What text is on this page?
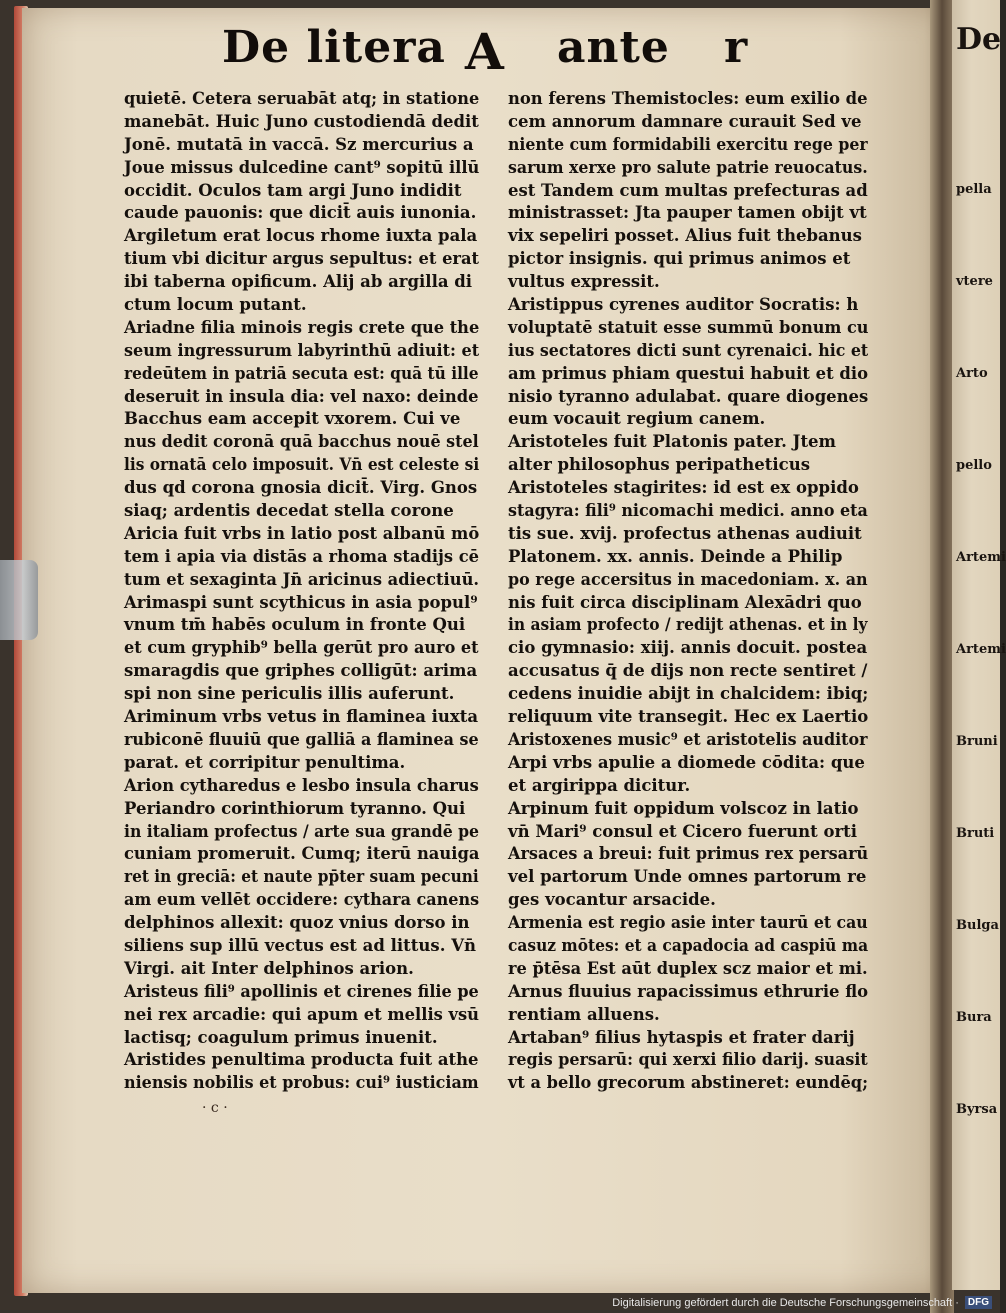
De litera A ante r
· c ·
De
pella
vtere
Arto
pello
Artemi
Artemi
Bruni
Bruti
Bulga
Bura
Byrsa
quietē. Cetera seruabāt atq; in statione
manebāt. Huic Juno custodiendā dedit
Jonē. mutatā in vaccā. Sz mercurius a
Joue missus dulcedine cant⁹ sopitū illū
occidit. Oculos tam argi Juno indidit
caude pauonis: que dicit̄ auis iunonia.
Argiletum erat locus rhome iuxta pala
tium vbi dicitur argus sepultus: et erat
ibi taberna opificum. Alij ab argilla di
ctum locum putant.
Ariadne filia minois regis crete que the
seum ingressurum labyrinthū adiuit: et
redeūtem in patriā secuta est: quā tū ille
deseruit in insula dia: vel naxo: deinde
Bacchus eam accepit vxorem. Cui ve
nus dedit coronā quā bacchus nouē stel
lis ornatā celo imposuit. Vn̄ est celeste si
dus qd corona gnosia dicit̄. Virg. Gnos
siaq; ardentis decedat stella corone
Aricia fuit vrbs in latio post albanū mō
tem i apia via distās a rhoma stadijs cē
tum et sexaginta Jn̄ aricinus adiectiuū.
Arimaspi sunt scythicus in asia popul⁹
vnum tm̄ habēs oculum in fronte Qui
et cum gryphib⁹ bella gerūt pro auro et
smaragdis que griphes colligūt: arima
spi non sine periculis illis auferunt.
Ariminum vrbs vetus in flaminea iuxta
rubiconē fluuiū que galliā a flaminea se
parat. et corripitur penultima.
Arion cytharedus e lesbo insula charus
Periandro corinthiorum tyranno. Qui
in italiam profectus / arte sua grandē pe
cuniam promeruit. Cumq; iterū nauiga
ret in greciā: et naute pp̄ter suam pecuni
am eum vellēt occidere: cythara canens
delphinos allexit: quoz vnius dorso in
siliens sup illū vectus est ad littus. Vn̄
Virgi. ait Inter delphinos arion.
Aristeus fili⁹ apollinis et cirenes filie pe
nei rex arcadie: qui apum et mellis vsū
lactisq; coagulum primus inuenit.
Aristides penultima producta fuit athe
niensis nobilis et probus: cui⁹ iusticiam
non ferens Themistocles: eum exilio de
cem annorum damnare curauit Sed ve
niente cum formidabili exercitu rege per
sarum xerxe pro salute patrie reuocatus.
est Tandem cum multas prefecturas ad
ministrasset: Jta pauper tamen obijt vt
vix sepeliri posset. Alius fuit thebanus
pictor insignis. qui primus animos et
vultus expressit.
Aristippus cyrenes auditor Socratis: h
voluptatē statuit esse summū bonum cu
ius sectatores dicti sunt cyrenaici. hic et
am primus phiam questui habuit et dio
nisio tyranno adulabat. quare diogenes
eum vocauit regium canem.
Aristoteles fuit Platonis pater. Jtem
alter philosophus peripatheticus
Aristoteles stagirites: id est ex oppido
stagyra: fili⁹ nicomachi medici. anno eta
tis sue. xvij. profectus athenas audiuit
Platonem. xx. annis. Deinde a Philip
po rege accersitus in macedoniam. x. an
nis fuit circa disciplinam Alexādri quo
in asiam profecto / redijt athenas. et in ly
cio gymnasio: xiij. annis docuit. postea
accusatus q̄ de dijs non recte sentiret /
cedens inuidie abijt in chalcidem: ibiq;
reliquum vite transegit. Hec ex Laertio
Aristoxenes music⁹ et aristotelis auditor
Arpi vrbs apulie a diomede cōdita: que
et argirippa dicitur.
Arpinum fuit oppidum volscoz in latio
vn̄ Mari⁹ consul et Cicero fuerunt orti
Arsaces a breui: fuit primus rex persarū
vel partorum Unde omnes partorum re
ges vocantur arsacide.
Armenia est regio asie inter taurū et cau
casuz mōtes: et a capadocia ad caspiū ma
re p̄tēsa Est aūt duplex scz maior et mi.
Arnus fluuius rapacissimus ethrurie flo
rentiam alluens.
Artaban⁹ filius hytaspis et frater darij
regis persarū: qui xerxi filio darij. suasit
vt a bello grecorum abstineret: eundēq;
Digitalisierung gefördert durch die Deutsche Forschungsgemeinschaft · DFG
